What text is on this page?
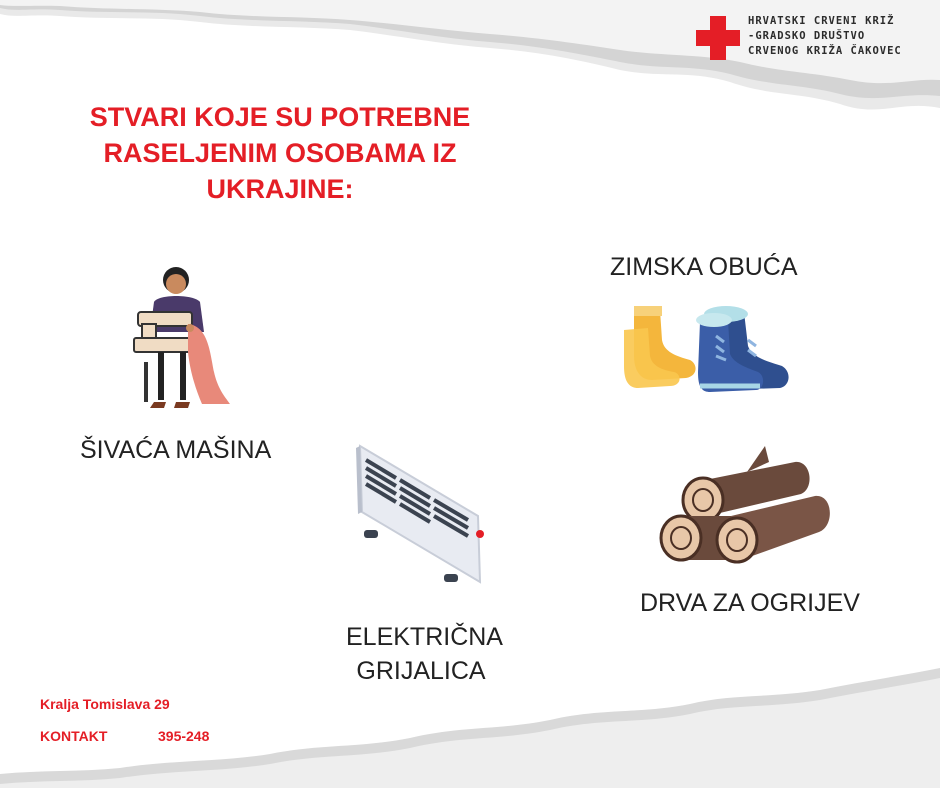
HRVATSKI CRVENI KRIŽ
-GRADSKO DRUŠTVO
CRVENOG KRIŽA ČAKOVEC
STVARI KOJE SU POTREBNE
RASELJENIM OSOBAMA IZ
UKRAJINE:
ŠIVAĆA MAŠINA
ZIMSKA OBUĆA
ELEKTRIČNA
GRIJALICA
DRVA ZA OGRIJEV
Kralja Tomislava 29
KONTAKT	395-248
